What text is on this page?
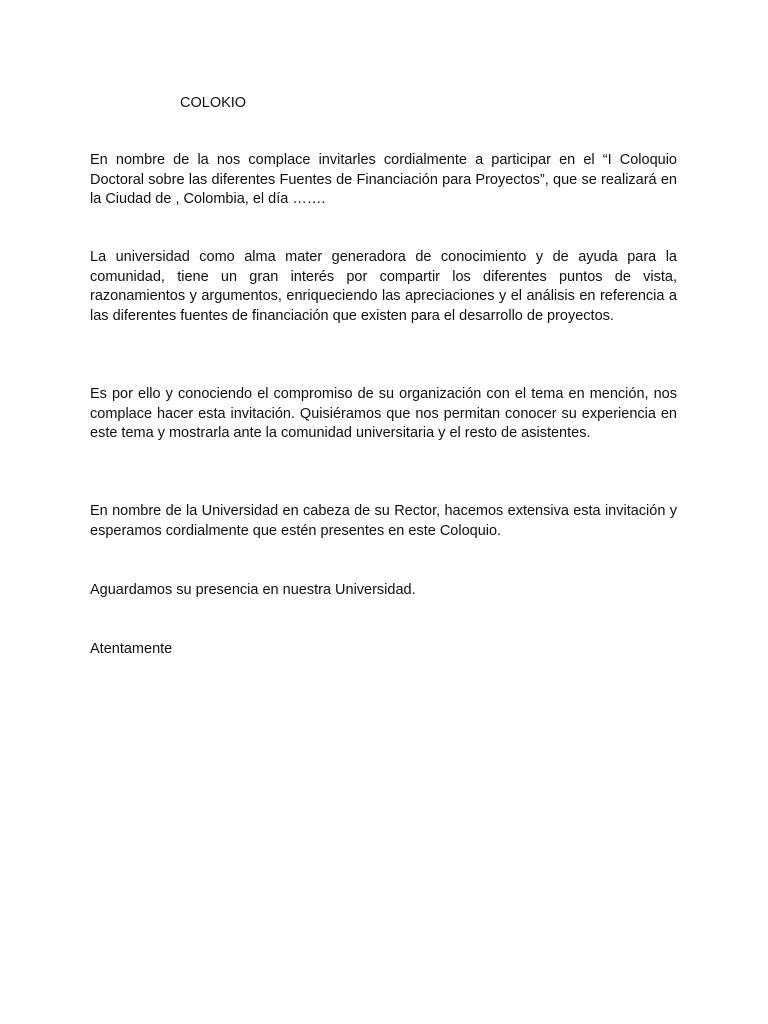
COLOKIO

En nombre de la nos complace invitarles cordialmente a participar en el “I Coloquio Doctoral sobre las diferentes Fuentes de Financiación para Proyectos”, que se realizará en la Ciudad de , Colombia, el día …….

La universidad como alma mater generadora de conocimiento y de ayuda para la comunidad, tiene un gran interés por compartir los diferentes puntos de vista, razonamientos y argumentos, enriqueciendo las apreciaciones y el análisis en referencia a las diferentes fuentes de financiación que existen para el desarrollo de proyectos.

Es por ello y conociendo el compromiso de su organización con el tema en mención, nos complace hacer esta invitación. Quisiéramos que nos permitan conocer su experiencia en este tema y mostrarla ante la comunidad universitaria y el resto de asistentes.

En nombre de la Universidad en cabeza de su Rector, hacemos extensiva esta invitación y esperamos cordialmente que estén presentes en este Coloquio.

Aguardamos su presencia en nuestra Universidad.

Atentamente
